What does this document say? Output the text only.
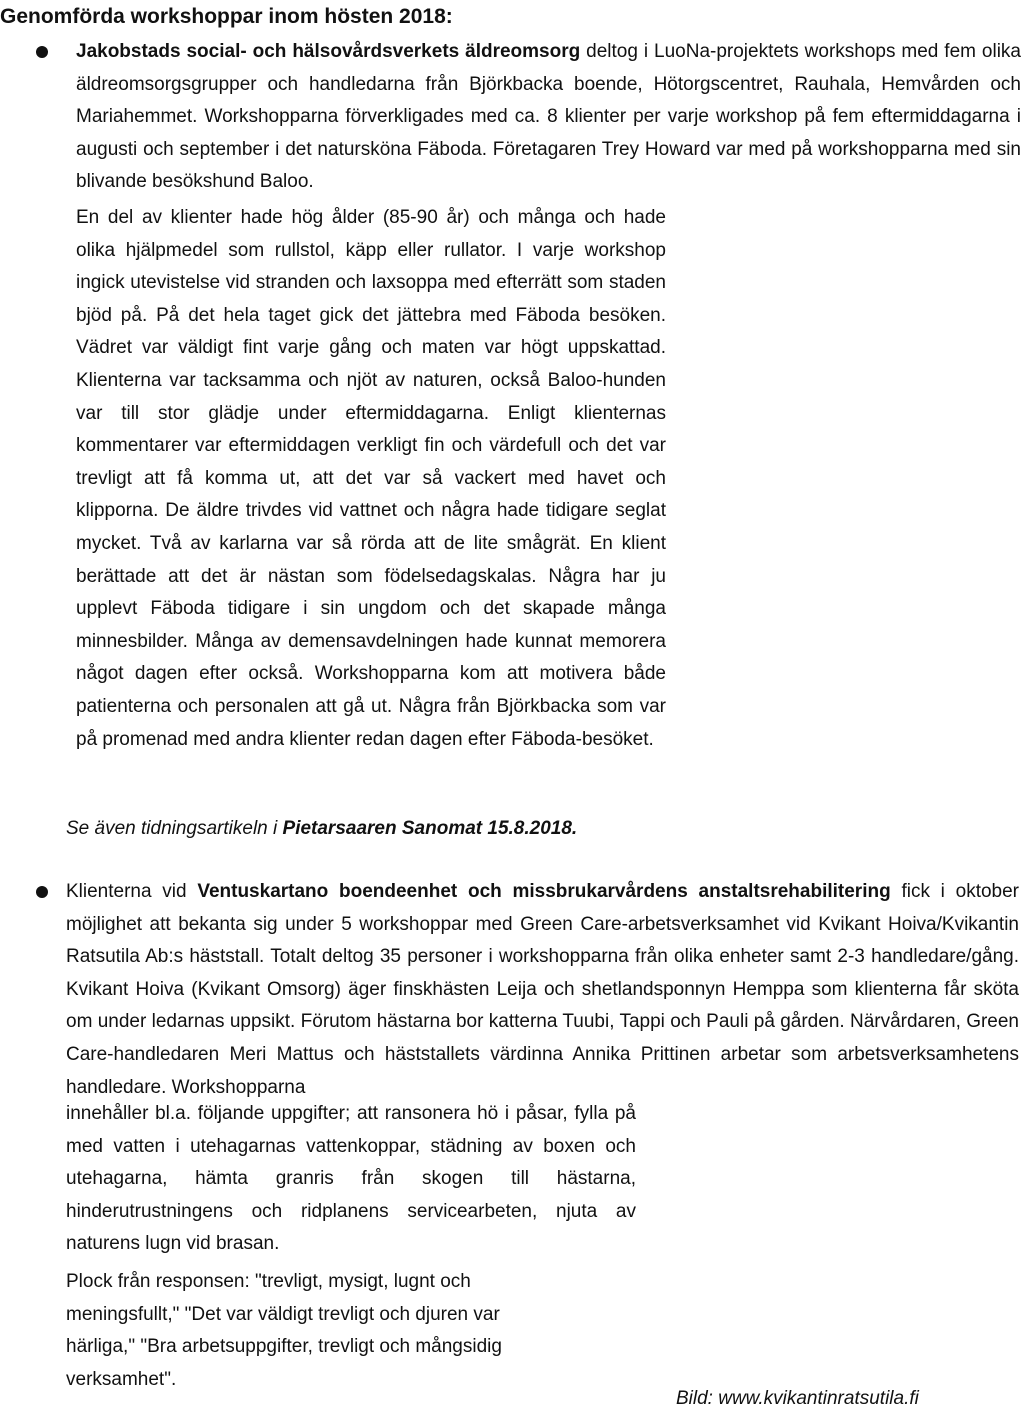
Genomförda workshoppar inom hösten 2018:

Jakobstads social- och hälsovårdsverkets äldreomsorg deltog i LuoNa-projektets workshops med fem olika äldreomsorgsgrupper och handledarna från Björkbacka boende, Hötorgscentret, Rauhala, Hemvården och Mariahemmet. Workshopparna förverkligades med ca. 8 klienter per varje workshop på fem eftermiddagarna i augusti och september i det natursköna Fäboda. Företagaren Trey Howard var med på workshopparna med sin blivande besökshund Baloo.

En del av klienter hade hög ålder (85-90 år) och många och hade olika hjälpmedel som rullstol, käpp eller rullator. I varje workshop ingick utevistelse vid stranden och laxsoppa med efterrätt som staden bjöd på. På det hela taget gick det jättebra med Fäboda besöken. Vädret var väldigt fint varje gång och maten var högt uppskattad. Klienterna var tacksamma och njöt av naturen, också Baloo-hunden var till stor glädje under eftermiddagarna. Enligt klienternas kommentarer var eftermiddagen verkligt fin och värdefull och det var trevligt att få komma ut, att det var så vackert med havet och klipporna. De äldre trivdes vid vattnet och några hade tidigare seglat mycket. Två av karlarna var så rörda att de lite smågrät. En klient berättade att det är nästan som födelsedagskalas. Några har ju upplevt Fäboda tidigare i sin ungdom och det skapade många minnesbilder. Många av demensavdelningen hade kunnat memorera något dagen efter också. Workshopparna kom att motivera både patienterna och personalen att gå ut. Några från Björkbacka som var på promenad med andra klienter redan dagen efter Fäboda-besöket.

Se även tidningsartikeln i Pietarsaaren Sanomat 15.8.2018.

Klienterna vid Ventuskartano boendeenhet och missbrukarvårdens anstaltsrehabilitering fick i oktober möjlighet att bekanta sig under 5 workshoppar med Green Care-arbetsverksamhet vid Kvikant Hoiva/Kvikantin Ratsutila Ab:s häststall. Totalt deltog 35 personer i workshopparna från olika enheter samt 2-3 handledare/gång. Kvikant Hoiva (Kvikant Omsorg) äger finskhästen Leija och shetlandsponnyn Hemppa som klienterna får sköta om under ledarnas uppsikt. Förutom hästarna bor katterna Tuubi, Tappi och Pauli på gården. Närvårdaren, Green Care-handledaren Meri Mattus och häststallets värdinna Annika Prittinen arbetar som arbetsverksamhetens handledare. Workshopparna

innehåller bl.a. följande uppgifter; att ransonera hö i påsar, fylla på med vatten i utehagarnas vattenkoppar, städning av boxen och utehagarna, hämta granris från skogen till hästarna, hinderutrustningens och ridplanens servicearbeten, njuta av naturens lugn vid brasan.

Plock från responsen: "trevligt, mysigt, lugnt och meningsfullt," "Det var väldigt trevligt och djuren var härliga," "Bra arbetsuppgifter, trevligt och mångsidig verksamhet".

Bild: www.kvikantinratsutila.fi
